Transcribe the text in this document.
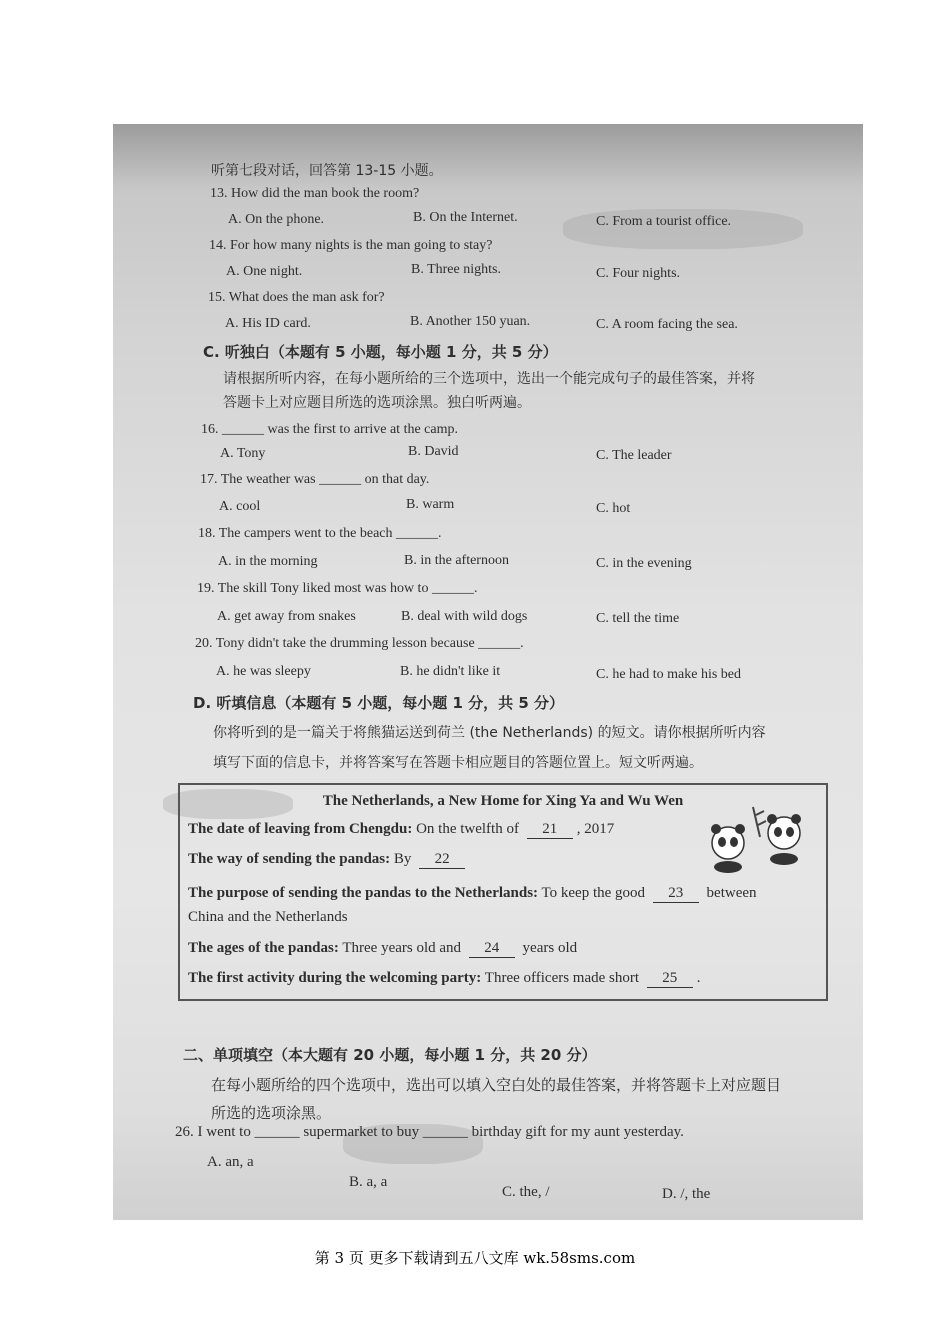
听第七段对话，回答第 13-15 小题。
13. How did the man book the room?
A. On the phone.	B. On the Internet.	C. From a tourist office.
14. For how many nights is the man going to stay?
A. One night.	B. Three nights.	C. Four nights.
15. What does the man ask for?
A. His ID card.	B. Another 150 yuan.	C. A room facing the sea.
C. 听独白（本题有 5 小题，每小题 1 分，共 5 分）
请根据所听内容，在每小题所给的三个选项中，选出一个能完成句子的最佳答案，并将
答题卡上对应题目所选的选项涂黑。独白听两遍。
16. ______ was the first to arrive at the camp.
A. Tony	B. David	C. The leader
17. The weather was ______ on that day.
A. cool	B. warm	C. hot
18. The campers went to the beach ______.
A. in the morning	B. in the afternoon	C. in the evening
19. The skill Tony liked most was how to ______.
A. get away from snakes	B. deal with wild dogs	C. tell the time
20. Tony didn't take the drumming lesson because ______.
A. he was sleepy	B. he didn't like it	C. he had to make his bed
D. 听填信息（本题有 5 小题，每小题 1 分，共 5 分）
你将听到的是一篇关于将熊猫运送到荷兰 (the Netherlands) 的短文。请你根据所听内容
填写下面的信息卡，并将答案写在答题卡相应题目的答题位置上。短文听两遍。
The Netherlands, a New Home for Xing Ya and Wu Wen
The date of leaving from Chengdu: On the twelfth of 21 , 2017
The way of sending the pandas: By 22
The purpose of sending the pandas to the Netherlands: To keep the good 23 between
China and the Netherlands
The ages of the pandas: Three years old and 24 years old
The first activity during the welcoming party: Three officers made short 25 .
二、单项填空（本大题有 20 小题，每小题 1 分，共 20 分）
在每小题所给的四个选项中，选出可以填入空白处的最佳答案，并将答题卡上对应题目
所选的选项涂黑。
26. I went to ______ supermarket to buy ______ birthday gift for my aunt yesterday.
A. an, a
B. a, a
C. the, /	D. /, the
第 3 页 更多下载请到五八文库 wk.58sms.com
